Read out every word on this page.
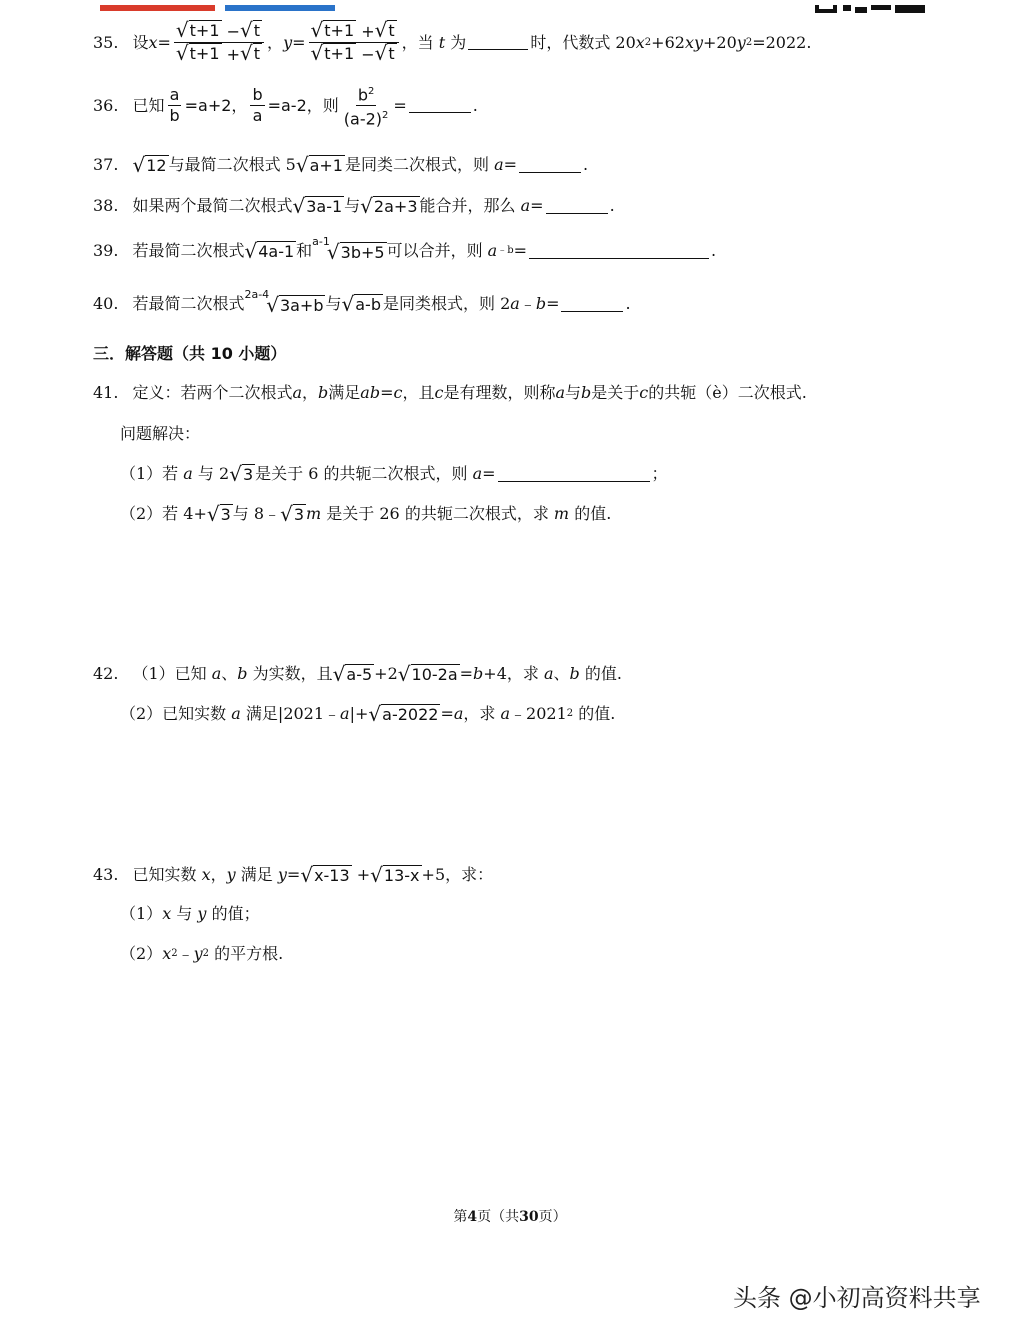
35. 设 $x = \frac{√ t+1 - √ t}{√ t+1 + √ t}$ ， $y = \frac{√ t+1 + √ t}{√ t+1 - √ t}$ ，当
t
为	时，代数式 20 x 2 +62 xy +20 y 2 =2022.
36. 已知 $\frac{a}{b} =a+2$， $\frac{b}{a} =a-2$，则 $\frac{b^2}{(a-2)^2}$ =	.
37. √ 12 与最简二次根式 5 √ a+1 是同类二次根式，则
a =	.
38. 如果两个最简二次根式 √ 3a-1 与 √ 2a+3 能合并，那么
a =	.
39. 若最简二次根式 √ 4a-1 和 a-1
√ 3b+5 可以合并，则
a ﹣b =	.
40. 若最简二次根式 2a-4
√ 3a+b 与 √ a-b 是同类根式，则 2 a ﹣ b =	.
三．解答题（共 10 小题）
41. 定义：若两个二次根式 a ， b 满足 ab = c ，且 c 是有理数，则称 a 与 b 是关于 c 的共轭（è）二次根式.
问题解决：
（1）若
a
与 2 √ 3 是关于 6 的共轭二次根式，则
a =	；
（2）若 4+ √ 3 与 8﹣ √ 3 m
是关于 26 的共轭二次根式，求
m
的值.
42. （1）已知
a 、 b
为实数，且 √ a-5 +2 √ 10-2a = b +4，求
a 、 b
的值.
（2）已知实数
a
满足|2021﹣ a |+ √ a-2022 = a ，求
a ﹣2021 2
的值.
43. 已知实数
x ， y
满足
y = √ x-13
+ √ 13-x +5，求：
（1） x
与
y
的值；
（2） x 2 ﹣ y 2
的平方根.
第4页（共30页）
头条 @小初高资料共享
